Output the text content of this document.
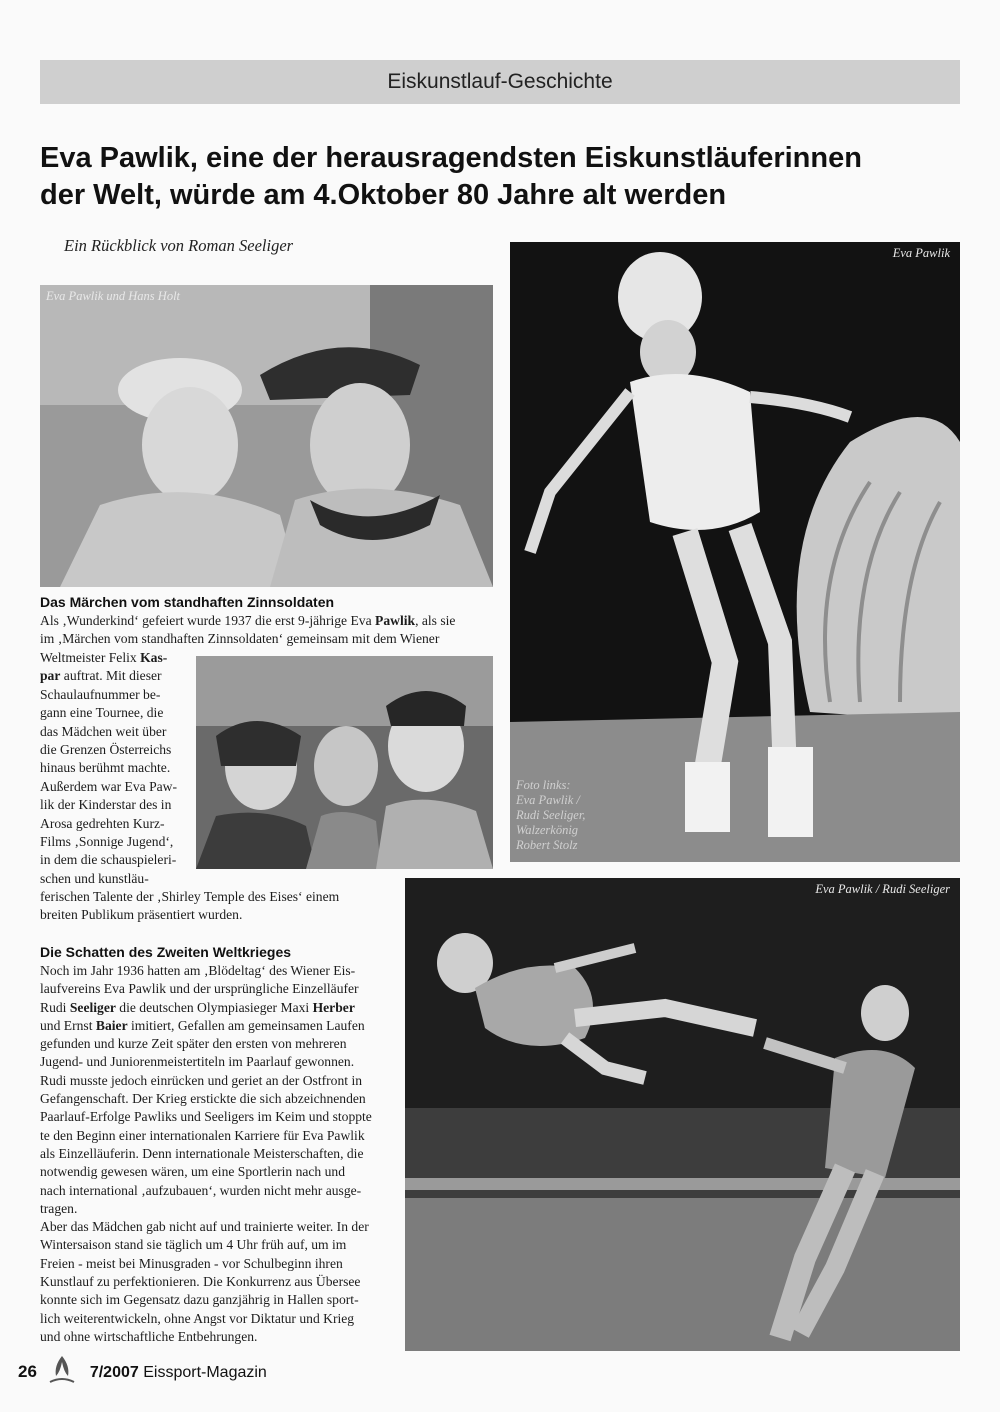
Eiskunstlauf-Geschichte
Eva Pawlik, eine der herausragendsten Eiskunstläuferinnen
der Welt, würde am 4.Oktober 80 Jahre alt werden
Ein Rückblick von Roman Seeliger
Eva Pawlik und Hans Holt
Eva Pawlik
Foto links:
Eva Pawlik /
Rudi Seeliger,
Walzerkönig
Robert Stolz
Das Märchen vom standhaften Zinnsoldaten

Als ‚Wunderkind‘ gefeiert wurde 1937 die erst 9-jährige Eva Pawlik, als sie

im ‚Märchen vom standhaften Zinnsoldaten‘ gemeinsam mit dem Wiener

Weltmeister Felix Kas-

par auftrat. Mit dieser

Schaulaufnummer be-

gann eine Tournee, die

das Mädchen weit über

die Grenzen Österreichs

hinaus berühmt machte.

Außerdem war Eva Paw-

lik der Kinderstar des in

Arosa gedrehten Kurz-

Films ‚Sonnige Jugend‘,

in dem die schauspieleri-

schen und kunstläu-

ferischen Talente der ‚Shirley Temple des Eises‘ einem

breiten Publikum präsentiert wurden.

Die Schatten des Zweiten Weltkrieges

Noch im Jahr 1936 hatten am ‚Blödeltag‘ des Wiener Eis-

laufvereins Eva Pawlik und der ursprüngliche Einzelläufer

Rudi Seeliger die deutschen Olympiasieger Maxi Herber

und Ernst Baier imitiert, Gefallen am gemeinsamen Laufen

gefunden und kurze Zeit später den ersten von mehreren

Jugend- und Juniorenmeistertiteln im Paarlauf gewonnen.

Rudi musste jedoch einrücken und geriet an der Ostfront in

Gefangenschaft. Der Krieg erstickte die sich abzeichnenden

Paarlauf-Erfolge Pawliks und Seeligers im Keim und stoppte

te den Beginn einer internationalen Karriere für Eva Pawlik

als Einzelläuferin. Denn internationale Meisterschaften, die

notwendig gewesen wären, um eine Sportlerin nach und

nach international ‚aufzubauen‘, wurden nicht mehr ausge-

tragen.

Aber das Mädchen gab nicht auf und trainierte weiter. In der

Wintersaison stand sie täglich um 4 Uhr früh auf, um im

Freien - meist bei Minusgraden - vor Schulbeginn ihren

Kunstlauf zu perfektionieren. Die Konkurrenz aus Übersee

konnte sich im Gegensatz dazu ganzjährig in Hallen sport-

lich weiterentwickeln, ohne Angst vor Diktatur und Krieg

und ohne wirtschaftliche Entbehrungen.

Eva Pawlik / Rudi Seeliger
26	7/2007 Eissport-Magazin
